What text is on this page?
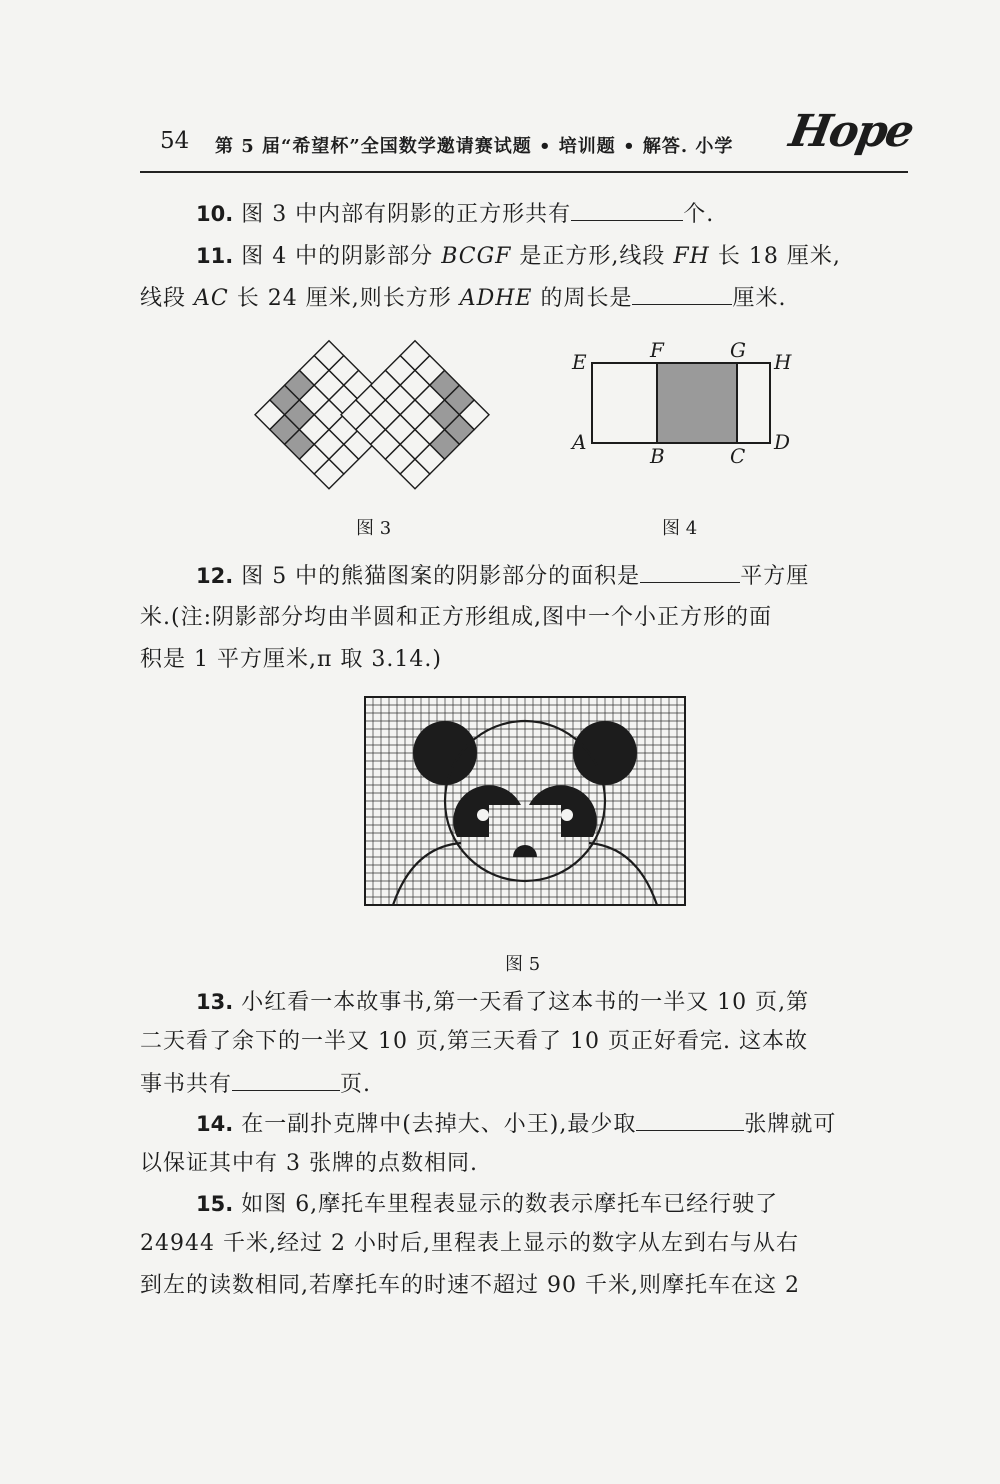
54 第 5 届“希望杯”全国数学邀请赛试题 • 培训题 • 解答. 小学 Hope
10. 图 3 中内部有阴影的正方形共有	个.
11. 图 4 中的阴影部分 BCGF 是正方形,线段 FH 长 18 厘米,
线段 AC 长 24 厘米,则长方形 ADHE 的周长是	厘米.
图 3
E	F	G H
A
B	C
D
图 4
12. 图 5 中的熊猫图案的阴影部分的面积是	平方厘
米.(注:阴影部分均由半圆和正方形组成,图中一个小正方形的面
积是 1 平方厘米,π 取 3.14.)
图 5
13. 小红看一本故事书,第一天看了这本书的一半又 10 页,第
二天看了余下的一半又 10 页,第三天看了 10 页正好看完. 这本故
事书共有	页.
14. 在一副扑克牌中(去掉大、小王),最少取	张牌就可
以保证其中有 3 张牌的点数相同.
15. 如图 6,摩托车里程表显示的数表示摩托车已经行驶了
24944 千米,经过 2 小时后,里程表上显示的数字从左到右与从右
到左的读数相同,若摩托车的时速不超过 90 千米,则摩托车在这 2
